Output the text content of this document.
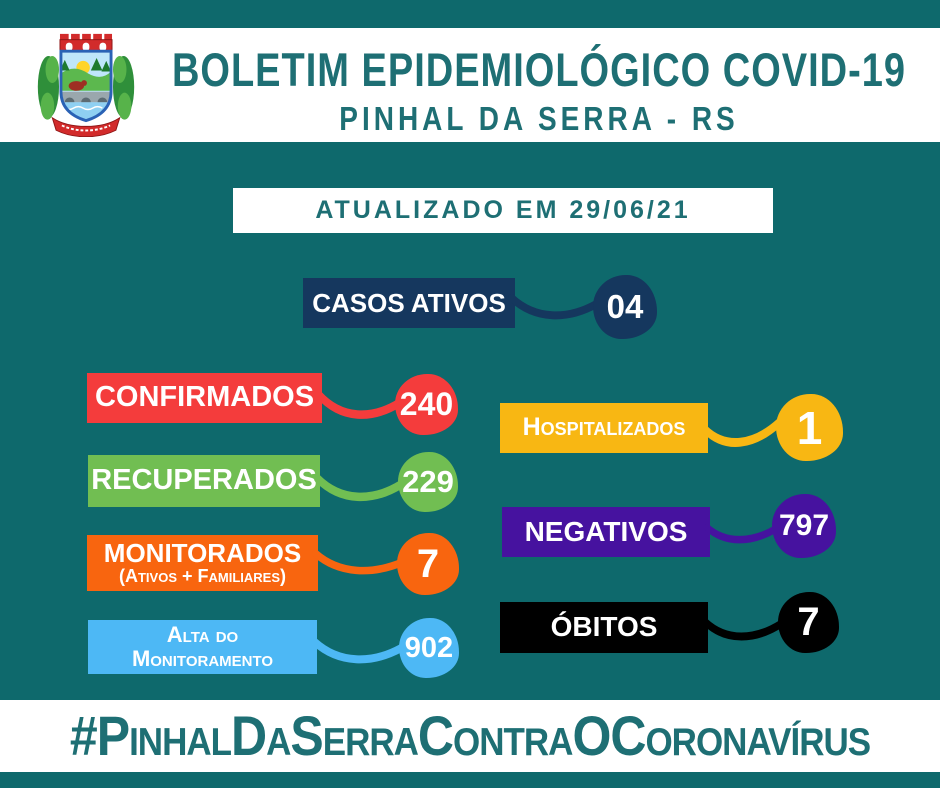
BOLETIM EPIDEMIOLÓGICO COVID-19
PINHAL DA SERRA - RS
ATUALIZADO EM 29/06/21
CASOS ATIVOS	04
CONFIRMADOS	240
RECUPERADOS	229
MONITORADOS
(Ativos + Familiares)	7
Alta do
Monitoramento	902
Hospitalizados 1
NEGATIVOS	797
ÓBITOS	7
#PinhalDaSerraContraOCoronavírus
